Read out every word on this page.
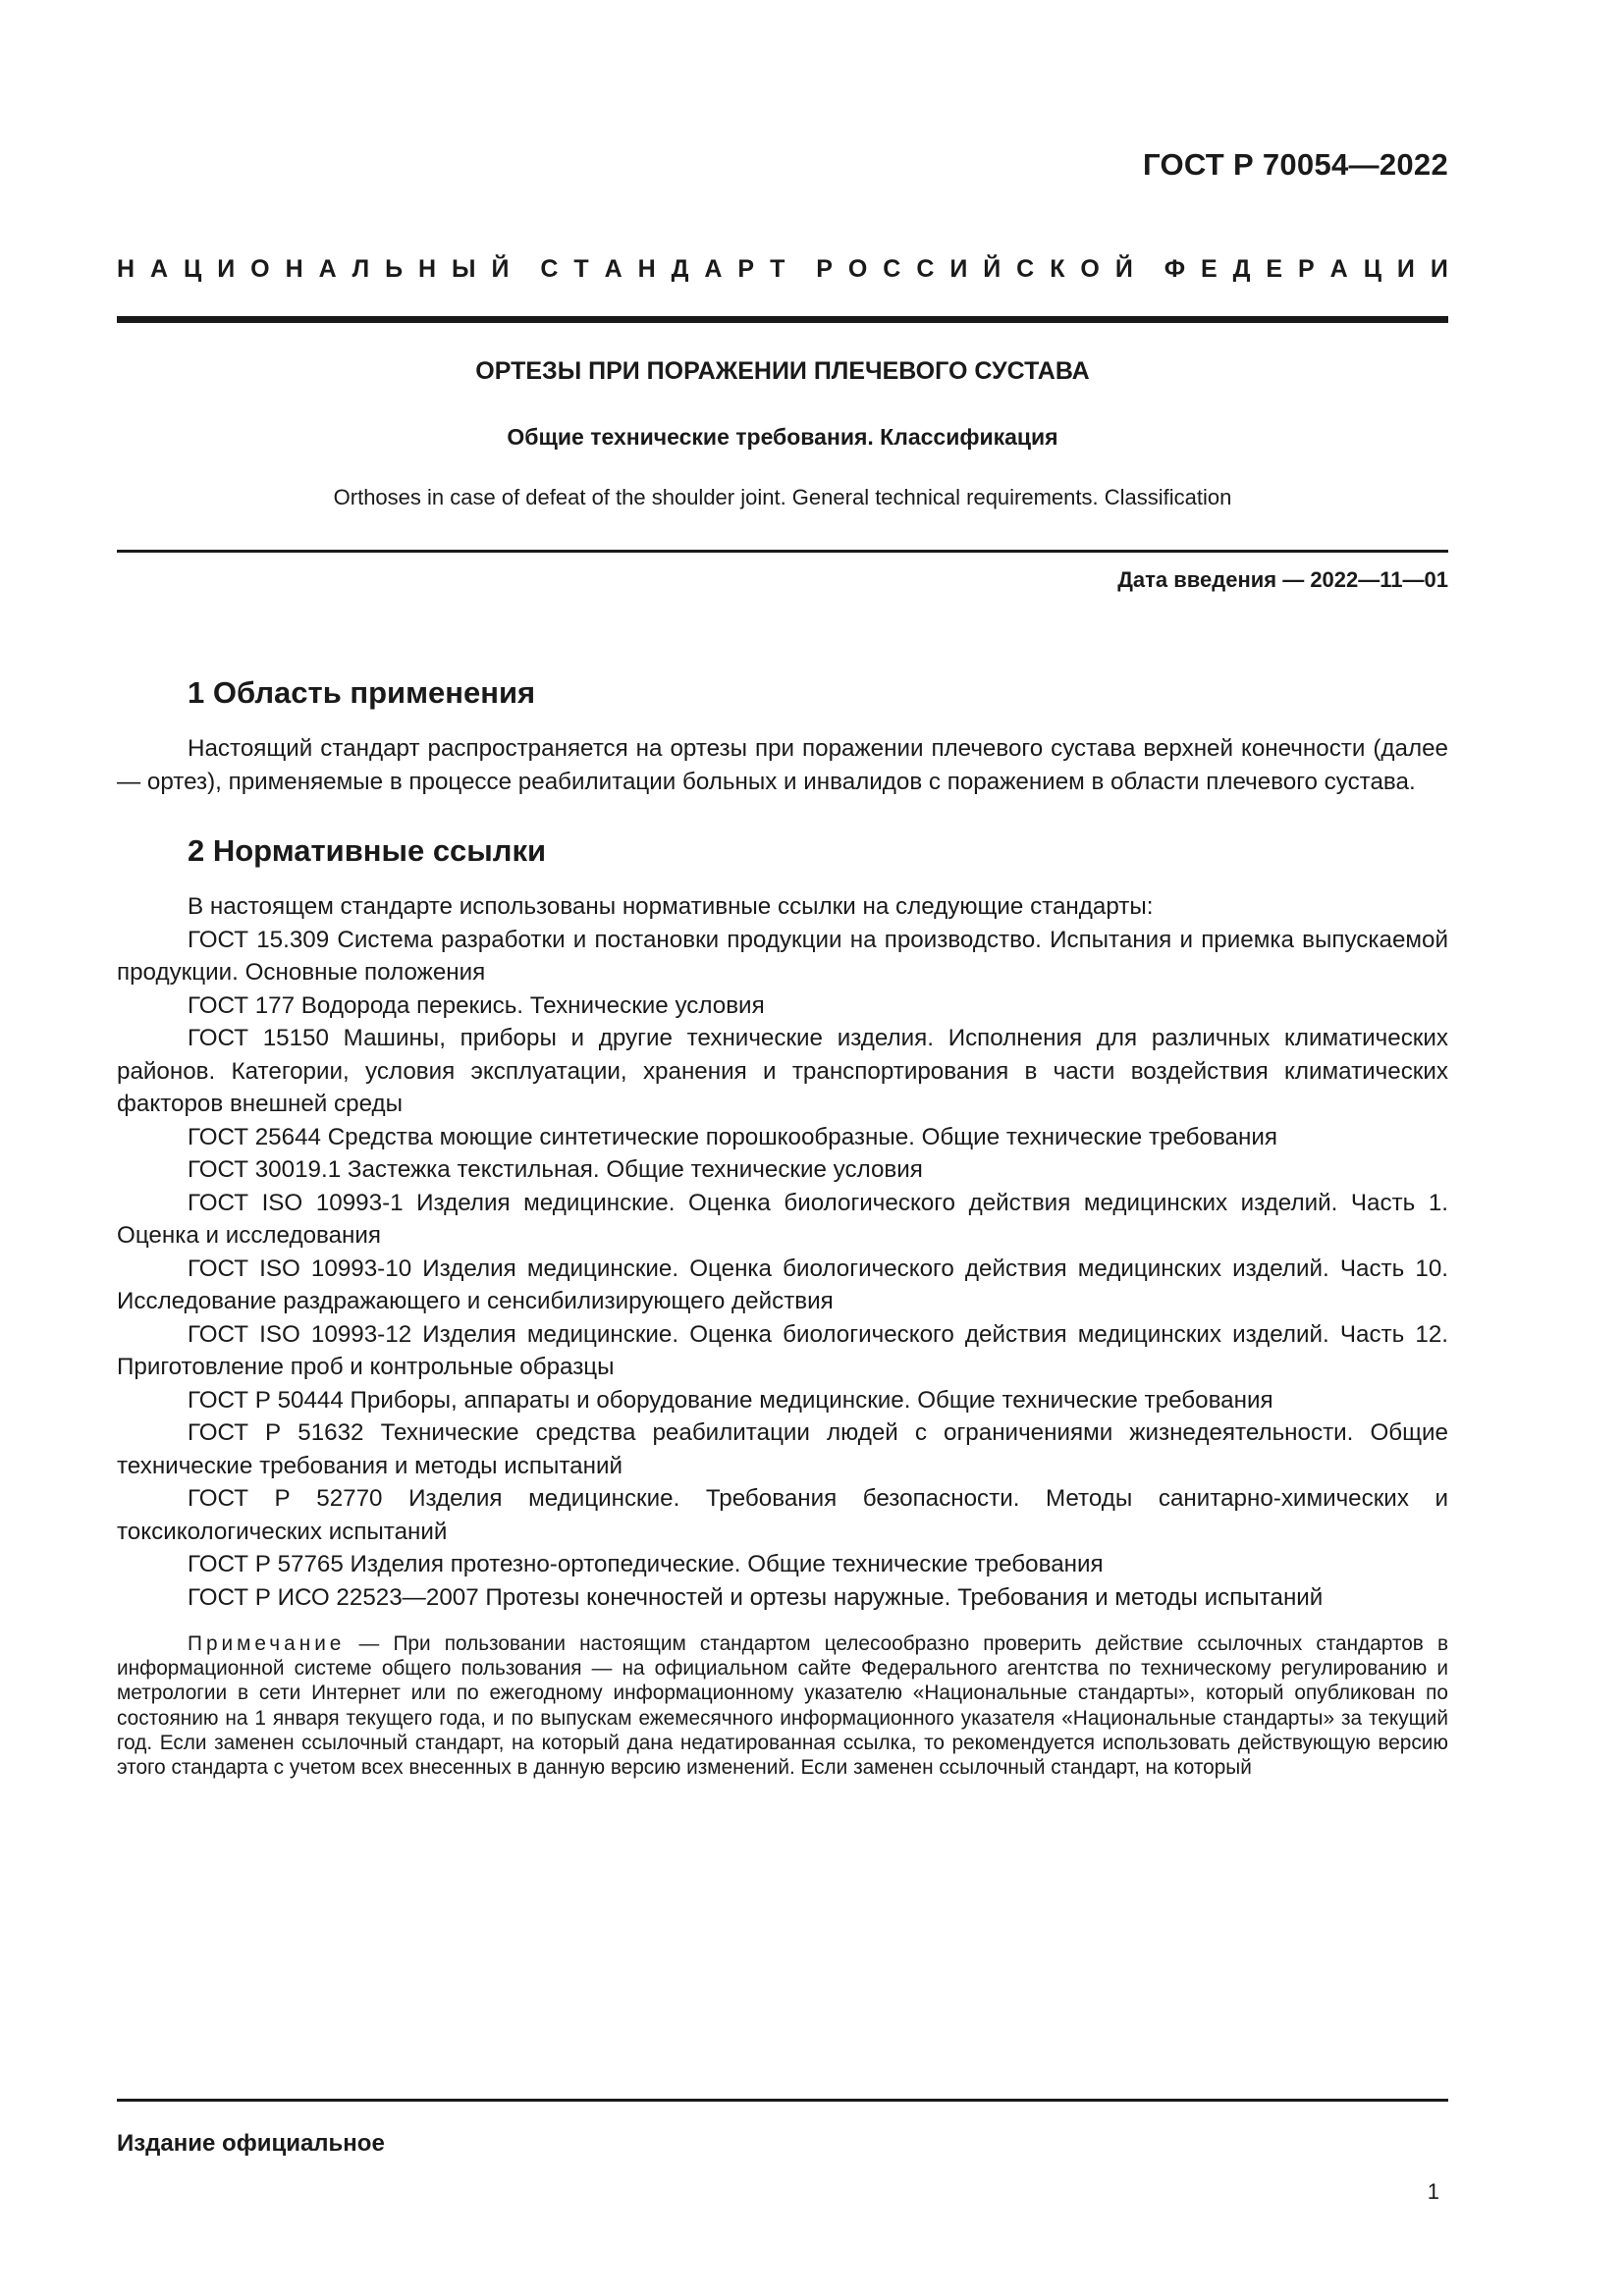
ГОСТ Р 70054—2022
Н А Ц И О Н А Л Ь Н Ы Й С Т А Н Д А Р Т Р О С С И Й С К О Й Ф Е Д Е Р А Ц И И
ОРТЕЗЫ ПРИ ПОРАЖЕНИИ ПЛЕЧЕВОГО СУСТАВА
Общие технические требования. Классификация
Orthoses in case of defeat of the shoulder joint. General technical requirements. Classification
Дата введения — 2022—11—01
1 Область применения

Настоящий стандарт распространяется на ортезы при поражении плечевого сустава верхней конечности (далее — ортез), применяемые в процессе реабилитации больных и инвалидов с поражением в области плечевого сустава.

2 Нормативные ссылки

В настоящем стандарте использованы нормативные ссылки на следующие стандарты:

ГОСТ 15.309 Система разработки и постановки продукции на производство. Испытания и приемка выпускаемой продукции. Основные положения

ГОСТ 177 Водорода перекись. Технические условия

ГОСТ 15150 Машины, приборы и другие технические изделия. Исполнения для различных климатических районов. Категории, условия эксплуатации, хранения и транспортирования в части воздействия климатических факторов внешней среды

ГОСТ 25644 Средства моющие синтетические порошкообразные. Общие технические требования

ГОСТ 30019.1 Застежка текстильная. Общие технические условия

ГОСТ ISO 10993-1 Изделия медицинские. Оценка биологического действия медицинских изделий. Часть 1. Оценка и исследования

ГОСТ ISO 10993-10 Изделия медицинские. Оценка биологического действия медицинских изделий. Часть 10. Исследование раздражающего и сенсибилизирующего действия

ГОСТ ISO 10993-12 Изделия медицинские. Оценка биологического действия медицинских изделий. Часть 12. Приготовление проб и контрольные образцы

ГОСТ Р 50444 Приборы, аппараты и оборудование медицинские. Общие технические требования

ГОСТ Р 51632 Технические средства реабилитации людей с ограничениями жизнедеятельности. Общие технические требования и методы испытаний

ГОСТ Р 52770 Изделия медицинские. Требования безопасности. Методы санитарно-химических и токсикологических испытаний

ГОСТ Р 57765 Изделия протезно-ортопедические. Общие технические требования

ГОСТ Р ИСО 22523—2007 Протезы конечностей и ортезы наружные. Требования и методы испытаний

Примечание — При пользовании настоящим стандартом целесообразно проверить действие ссылочных стандартов в информационной системе общего пользования — на официальном сайте Федерального агентства по техническому регулированию и метрологии в сети Интернет или по ежегодному информационному указателю «Национальные стандарты», который опубликован по состоянию на 1 января текущего года, и по выпускам ежемесячного информационного указателя «Национальные стандарты» за текущий год. Если заменен ссылочный стандарт, на который дана недатированная ссылка, то рекомендуется использовать действующую версию этого стандарта с учетом всех внесенных в данную версию изменений. Если заменен ссылочный стандарт, на который
Издание официальное
1
